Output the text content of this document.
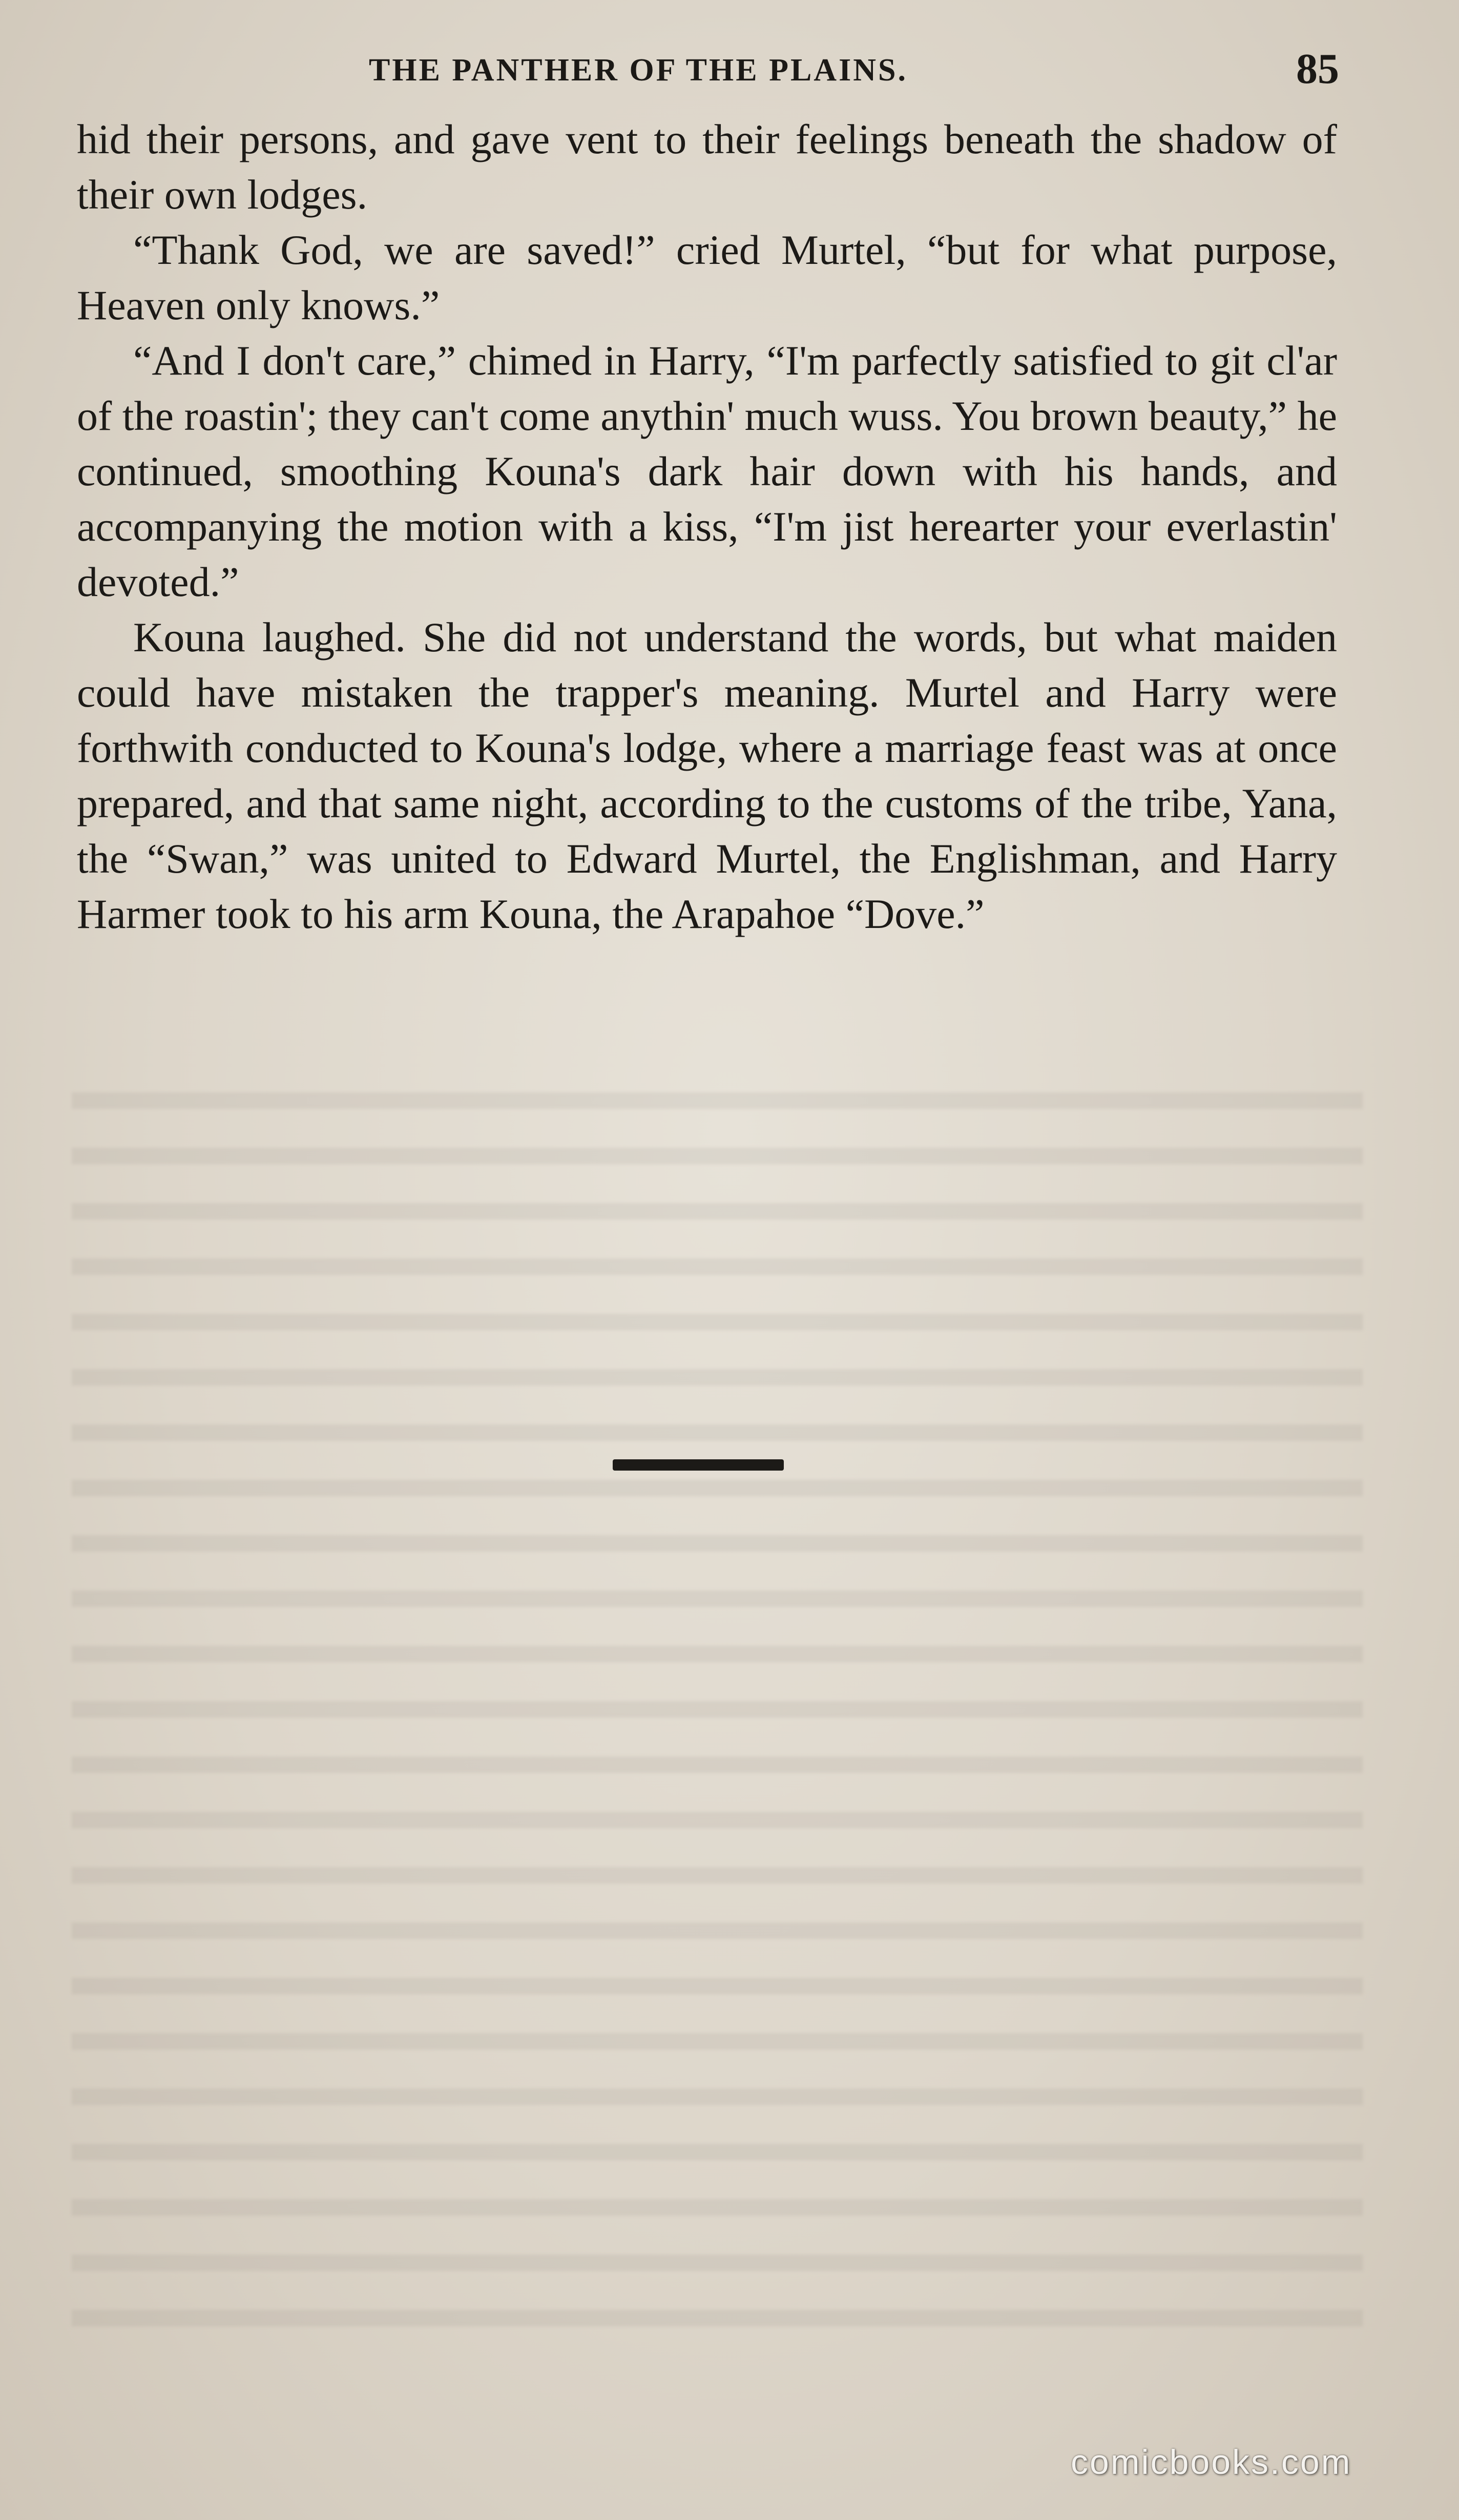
THE PANTHER OF THE PLAINS.	85

hid their persons, and gave vent to their feelings beneath the shadow of their own lodges.

“Thank God, we are saved!” cried Murtel, “but for what purpose, Heaven only knows.”

“And I don't care,” chimed in Harry, “I'm parfectly satisfied to git cl'ar of the roastin'; they can't come anythin' much wuss. You brown beauty,” he continued, smoothing Kouna's dark hair down with his hands, and accompanying the motion with a kiss, “I'm jist herearter your everlastin' devoted.”

Kouna laughed. She did not understand the words, but what maiden could have mistaken the trapper's meaning. Murtel and Harry were forthwith conducted to Kouna's lodge, where a marriage feast was at once prepared, and that same night, according to the customs of the tribe, Yana, the “Swan,” was united to Edward Murtel, the Englishman, and Harry Harmer took to his arm Kouna, the Arapahoe “Dove.”

comicbooks.com
